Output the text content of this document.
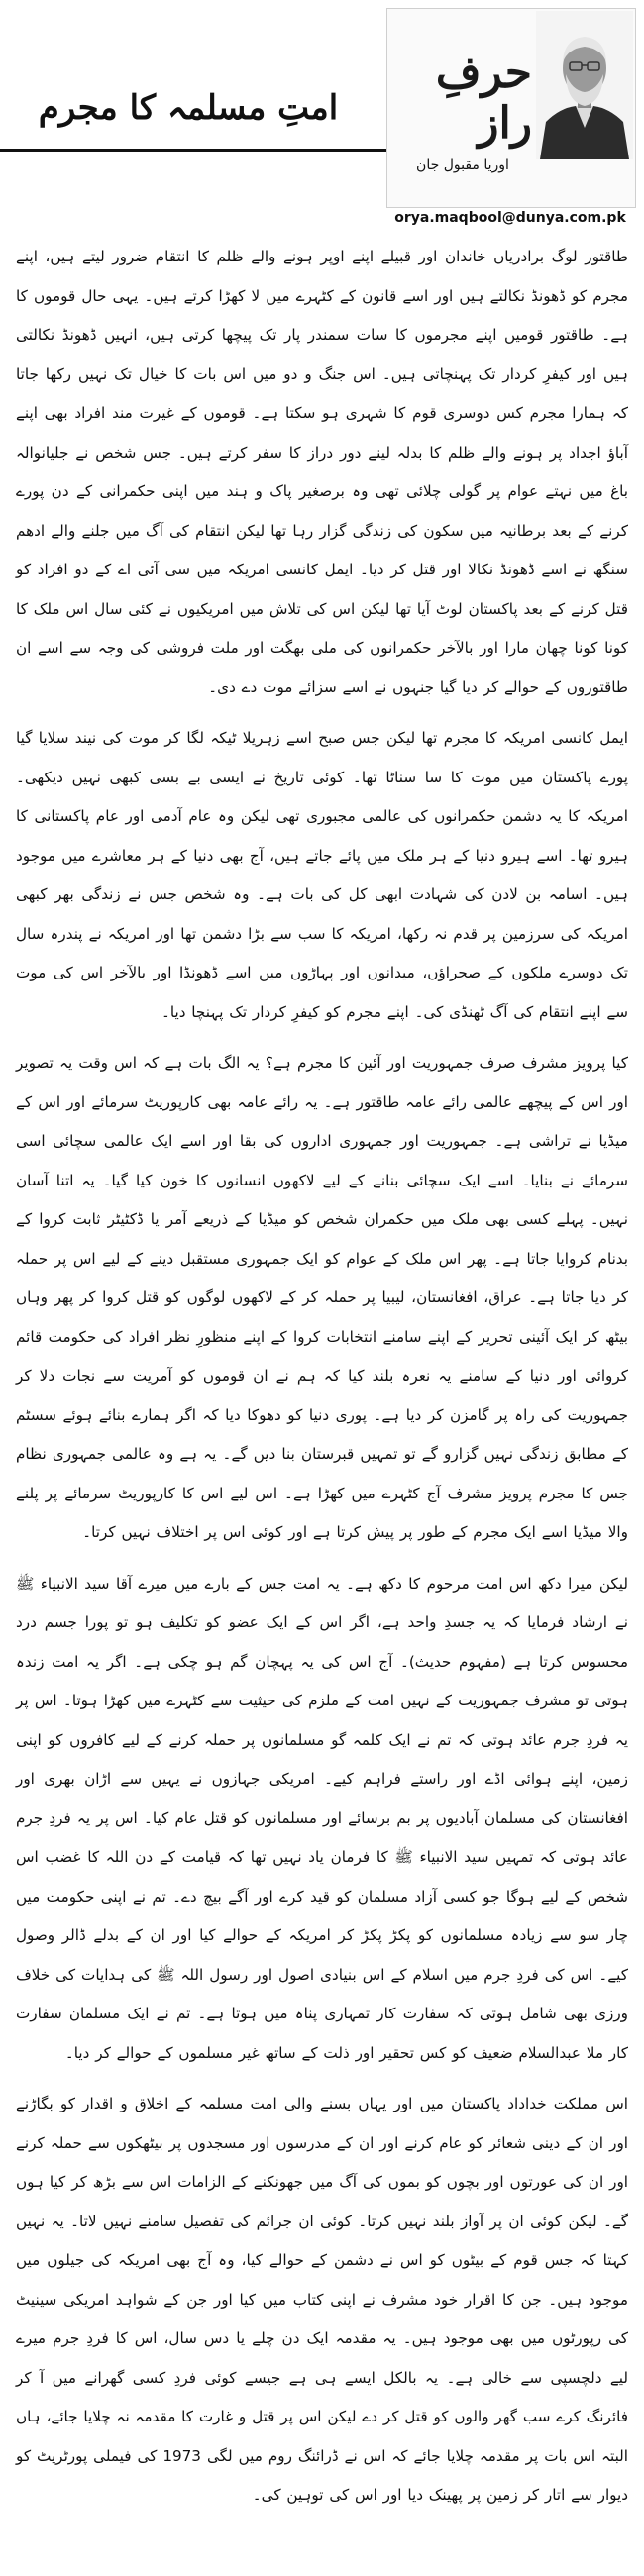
امتِ مسلمہ کا مجرم
حرفِ راز
اوریا مقبول جان
orya.maqbool@dunya.com.pk

طاقتور لوگ برادریاں خاندان اور قبیلے اپنے اوپر ہونے والے ظلم کا انتقام ضرور لیتے ہیں، اپنے مجرم کو ڈھونڈ نکالتے ہیں اور اسے قانون کے کٹہرے میں لا کھڑا کرتے ہیں۔ یہی حال قوموں کا ہے۔ طاقتور قومیں اپنے مجرموں کا سات سمندر پار تک پیچھا کرتی ہیں، انہیں ڈھونڈ نکالتی ہیں اور کیفرِ کردار تک پہنچاتی ہیں۔ اس جنگ و دو میں اس بات کا خیال تک نہیں رکھا جاتا کہ ہمارا مجرم کس دوسری قوم کا شہری ہو سکتا ہے۔ قوموں کے غیرت مند افراد بھی اپنے آباؤ اجداد پر ہونے والے ظلم کا بدلہ لینے دور دراز کا سفر کرتے ہیں۔ جس شخص نے جلیانوالہ باغ میں نہتے عوام پر گولی چلائی تھی وہ برصغیر پاک و ہند میں اپنی حکمرانی کے دن پورے کرنے کے بعد برطانیہ میں سکون کی زندگی گزار رہا تھا لیکن انتقام کی آگ میں جلنے والے ادھم سنگھ نے اسے ڈھونڈ نکالا اور قتل کر دیا۔ ایمل کانسی امریکہ میں سی آئی اے کے دو افراد کو قتل کرنے کے بعد پاکستان لوٹ آیا تھا لیکن اس کی تلاش میں امریکیوں نے کئی سال اس ملک کا کونا کونا چھان مارا اور بالآخر حکمرانوں کی ملی بھگت اور ملت فروشی کی وجہ سے اسے ان طاقتوروں کے حوالے کر دیا گیا جنہوں نے اسے سزائے موت دے دی۔

ایمل کانسی امریکہ کا مجرم تھا لیکن جس صبح اسے زہریلا ٹیکہ لگا کر موت کی نیند سلایا گیا پورے پاکستان میں موت کا سا سناٹا تھا۔ کوئی تاریخ نے ایسی بے بسی کبھی نہیں دیکھی۔ امریکہ کا یہ دشمن حکمرانوں کی عالمی مجبوری تھی لیکن وہ عام آدمی اور عام پاکستانی کا ہیرو تھا۔ اسے ہیرو دنیا کے ہر ملک میں پائے جاتے ہیں، آج بھی دنیا کے ہر معاشرے میں موجود ہیں۔ اسامہ بن لادن کی شہادت ابھی کل کی بات ہے۔ وہ شخص جس نے زندگی بھر کبھی امریکہ کی سرزمین پر قدم نہ رکھا، امریکہ کا سب سے بڑا دشمن تھا اور امریکہ نے پندرہ سال تک دوسرے ملکوں کے صحراؤں، میدانوں اور پہاڑوں میں اسے ڈھونڈا اور بالآخر اس کی موت سے اپنے انتقام کی آگ ٹھنڈی کی۔ اپنے مجرم کو کیفرِ کردار تک پہنچا دیا۔

کیا پرویز مشرف صرف جمہوریت اور آئین کا مجرم ہے؟ یہ الگ بات ہے کہ اس وقت یہ تصویر اور اس کے پیچھے عالمی رائے عامہ طاقتور ہے۔ یہ رائے عامہ بھی کارپوریٹ سرمائے اور اس کے میڈیا نے تراشی ہے۔ جمہوریت اور جمہوری اداروں کی بقا اور اسے ایک عالمی سچائی اسی سرمائے نے بنایا۔ اسے ایک سچائی بنانے کے لیے لاکھوں انسانوں کا خون کیا گیا۔ یہ اتنا آسان نہیں۔ پہلے کسی بھی ملک میں حکمران شخص کو میڈیا کے ذریعے آمر یا ڈکٹیٹر ثابت کروا کے بدنام کروایا جاتا ہے۔ پھر اس ملک کے عوام کو ایک جمہوری مستقبل دینے کے لیے اس پر حملہ کر دیا جاتا ہے۔ عراق، افغانستان، لیبیا پر حملہ کر کے لاکھوں لوگوں کو قتل کروا کر پھر وہاں بیٹھ کر ایک آئینی تحریر کے اپنے سامنے انتخابات کروا کے اپنے منظورِ نظر افراد کی حکومت قائم کروائی اور دنیا کے سامنے یہ نعرہ بلند کیا کہ ہم نے ان قوموں کو آمریت سے نجات دلا کر جمہوریت کی راہ پر گامزن کر دیا ہے۔ پوری دنیا کو دھوکا دیا کہ اگر ہمارے بنائے ہوئے سسٹم کے مطابق زندگی نہیں گزارو گے تو تمہیں قبرستان بنا دیں گے۔ یہ ہے وہ عالمی جمہوری نظام جس کا مجرم پرویز مشرف آج کٹہرے میں کھڑا ہے۔ اس لیے اس کا کارپوریٹ سرمائے پر پلنے والا میڈیا اسے ایک مجرم کے طور پر پیش کرتا ہے اور کوئی اس پر اختلاف نہیں کرتا۔

لیکن میرا دکھ اس امت مرحوم کا دکھ ہے۔ یہ امت جس کے بارے میں میرے آقا سید الانبیاء ﷺ نے ارشاد فرمایا کہ یہ جسدِ واحد ہے، اگر اس کے ایک عضو کو تکلیف ہو تو پورا جسم درد محسوس کرتا ہے (مفہوم حدیث)۔ آج اس کی یہ پہچان گم ہو چکی ہے۔ اگر یہ امت زندہ ہوتی تو مشرف جمہوریت کے نہیں امت کے ملزم کی حیثیت سے کٹہرے میں کھڑا ہوتا۔ اس پر یہ فردِ جرم عائد ہوتی کہ تم نے ایک کلمہ گو مسلمانوں پر حملہ کرنے کے لیے کافروں کو اپنی زمین، اپنے ہوائی اڈے اور راستے فراہم کیے۔ امریکی جہازوں نے یہیں سے اڑان بھری اور افغانستان کی مسلمان آبادیوں پر بم برسائے اور مسلمانوں کو قتل عام کیا۔ اس پر یہ فردِ جرم عائد ہوتی کہ تمہیں سید الانبیاء ﷺ کا فرمان یاد نہیں تھا کہ قیامت کے دن اللہ کا غضب اس شخص کے لیے ہوگا جو کسی آزاد مسلمان کو قید کرے اور آگے بیچ دے۔ تم نے اپنی حکومت میں چار سو سے زیادہ مسلمانوں کو پکڑ پکڑ کر امریکہ کے حوالے کیا اور ان کے بدلے ڈالر وصول کیے۔ اس کی فردِ جرم میں اسلام کے اس بنیادی اصول اور رسول اللہ ﷺ کی ہدایات کی خلاف ورزی بھی شامل ہوتی کہ سفارت کار تمہاری پناہ میں ہوتا ہے۔ تم نے ایک مسلمان سفارت کار ملا عبدالسلام ضعیف کو کس تحقیر اور ذلت کے ساتھ غیر مسلموں کے حوالے کر دیا۔

اس مملکت خداداد پاکستان میں اور یہاں بسنے والی امت مسلمہ کے اخلاق و اقدار کو بگاڑنے اور ان کے دینی شعائر کو عام کرنے اور ان کے مدرسوں اور مسجدوں پر بیٹھکوں سے حملہ کرنے اور ان کی عورتوں اور بچوں کو بموں کی آگ میں جھونکنے کے الزامات اس سے بڑھ کر کیا ہوں گے۔ لیکن کوئی ان پر آواز بلند نہیں کرتا۔ کوئی ان جرائم کی تفصیل سامنے نہیں لاتا۔ یہ نہیں کہتا کہ جس قوم کے بیٹوں کو اس نے دشمن کے حوالے کیا، وہ آج بھی امریکہ کی جیلوں میں موجود ہیں۔ جن کا اقرار خود مشرف نے اپنی کتاب میں کیا اور جن کے شواہد امریکی سینیٹ کی رپورٹوں میں بھی موجود ہیں۔ یہ مقدمہ ایک دن چلے یا دس سال، اس کا فردِ جرم میرے لیے دلچسپی سے خالی ہے۔ یہ بالکل ایسے ہی ہے جیسے کوئی فردِ کسی گھرانے میں آ کر فائرنگ کرے سب گھر والوں کو قتل کر دے لیکن اس پر قتل و غارت کا مقدمہ نہ چلایا جائے، ہاں البتہ اس بات پر مقدمہ چلایا جائے کہ اس نے ڈرائنگ روم میں لگی 1973 کی فیملی پورٹریٹ کو دیوار سے اتار کر زمین پر پھینک دیا اور اس کی توہین کی۔
